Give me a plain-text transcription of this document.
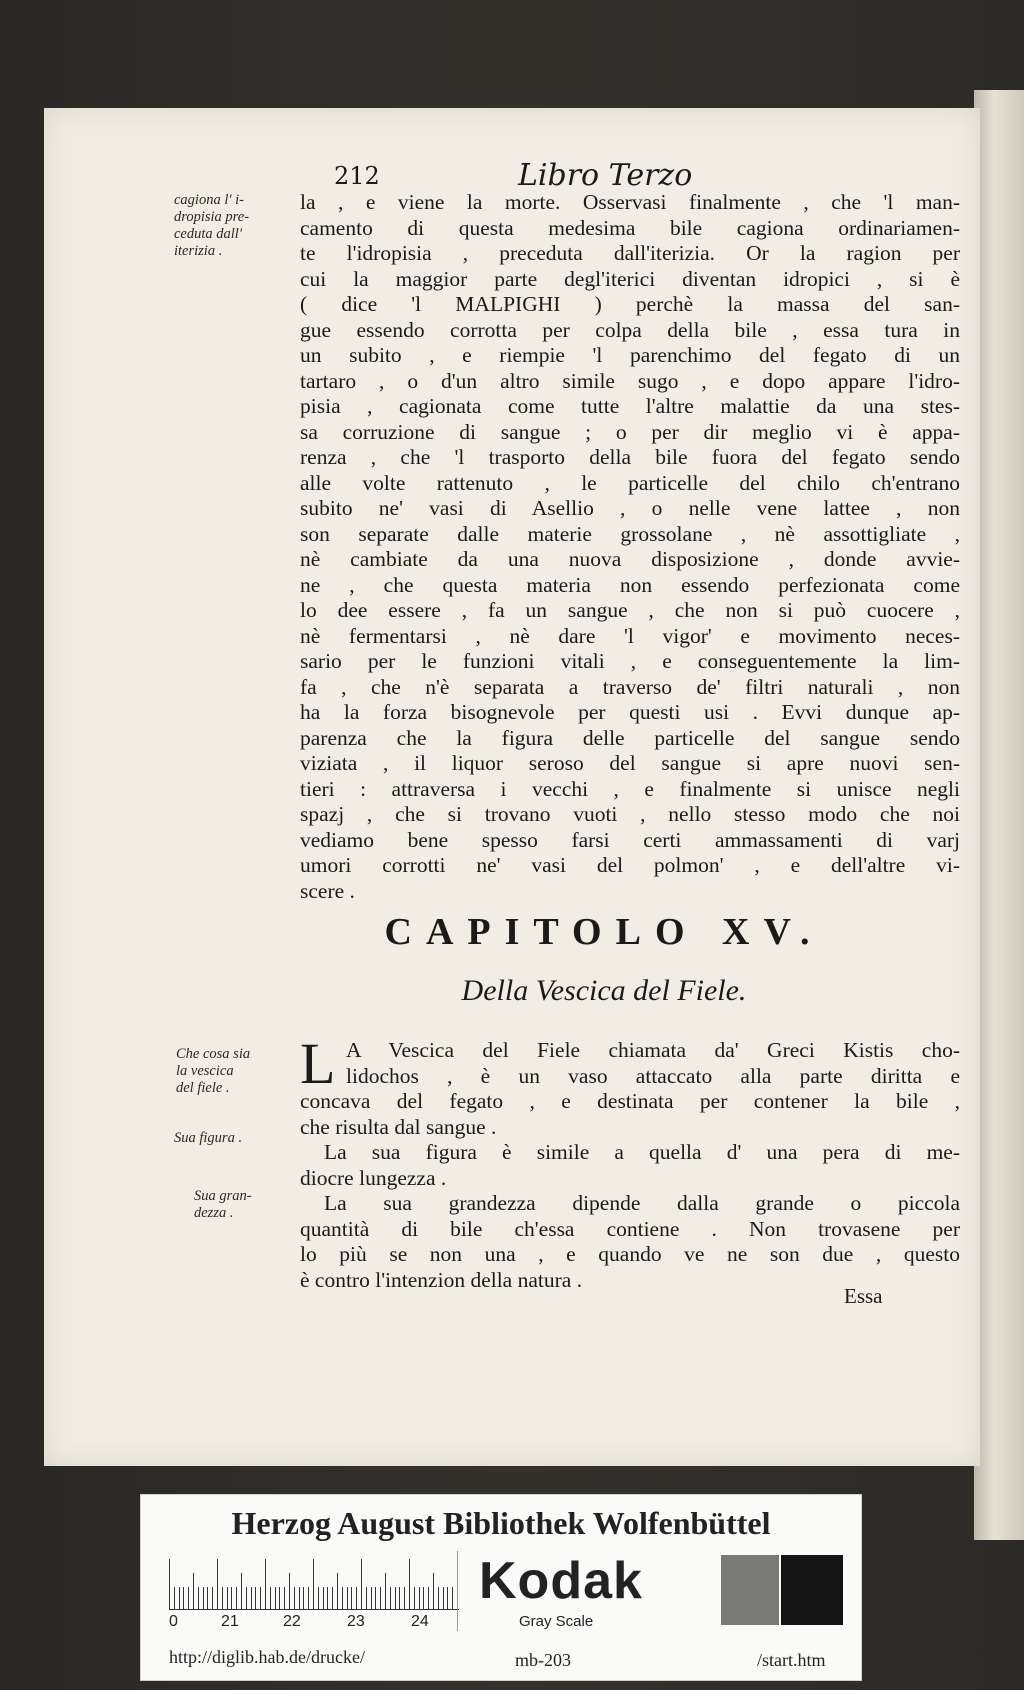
212	Libro Terzo
cagiona l' i-
dropisia pre-
ceduta dall'
iterizia .
Che cosa sia
la vescica
del fiele .
Sua figura .
Sua gran-
dezza .
la , e viene la morte. Osservasi finalmente , che 'l man-
camento di questa medesima bile cagiona ordinariamen-
te l'idropisia , preceduta dall'iterizia. Or la ragion per
cui la maggior parte degl'iterici diventan idropici , si è
( dice 'l MALPIGHI ) perchè la massa del san-
gue essendo corrotta per colpa della bile , essa tura in
un subito , e riempie 'l parenchimo del fegato di un
tartaro , o d'un altro simile sugo , e dopo appare l'idro-
pisia , cagionata come tutte l'altre malattie da una stes-
sa corruzione di sangue ; o per dir meglio vi è appa-
renza , che 'l trasporto della bile fuora del fegato sendo
alle volte rattenuto , le particelle del chilo ch'entrano
subito ne' vasi di Asellio , o nelle vene lattee , non
son separate dalle materie grossolane , nè assottigliate ,
nè cambiate da una nuova disposizione , donde avvie-
ne , che questa materia non essendo perfezionata come
lo dee essere , fa un sangue , che non si può cuocere ,
nè fermentarsi , nè dare 'l vigor' e movimento neces-
sario per le funzioni vitali , e conseguentemente la lim-
fa , che n'è separata a traverso de' filtri naturali , non
ha la forza bisognevole per questi usi . Evvi dunque ap-
parenza che la figura delle particelle del sangue sendo
viziata , il liquor seroso del sangue si apre nuovi sen-
tieri : attraversa i vecchi , e finalmente si unisce negli
spazj , che si trovano vuoti , nello stesso modo che noi
vediamo bene spesso farsi certi ammassamenti di varj
umori corrotti ne' vasi del polmon' , e dell'altre vi-
scere .
CAPITOLO XV.
Della Vescica del Fiele.
L A Vescica del Fiele chiamata da' Greci Kistis cho-
lidochos , è un vaso attaccato alla parte diritta e
concava del fegato , e destinata per contener la bile ,
che risulta dal sangue .
La sua figura è simile a quella d' una pera di me-
diocre lungezza .
La sua grandezza dipende dalla grande o piccola
quantità di bile ch'essa contiene . Non trovasene per
lo più se non una , e quando ve ne son due , questo
è contro l'intenzion della natura .
Essa
Herzog August Bibliothek Wolfenbüttel
0	21	22	23	24
Kodak
Gray Scale
http://diglib.hab.de/drucke/	mb-203	/start.htm
